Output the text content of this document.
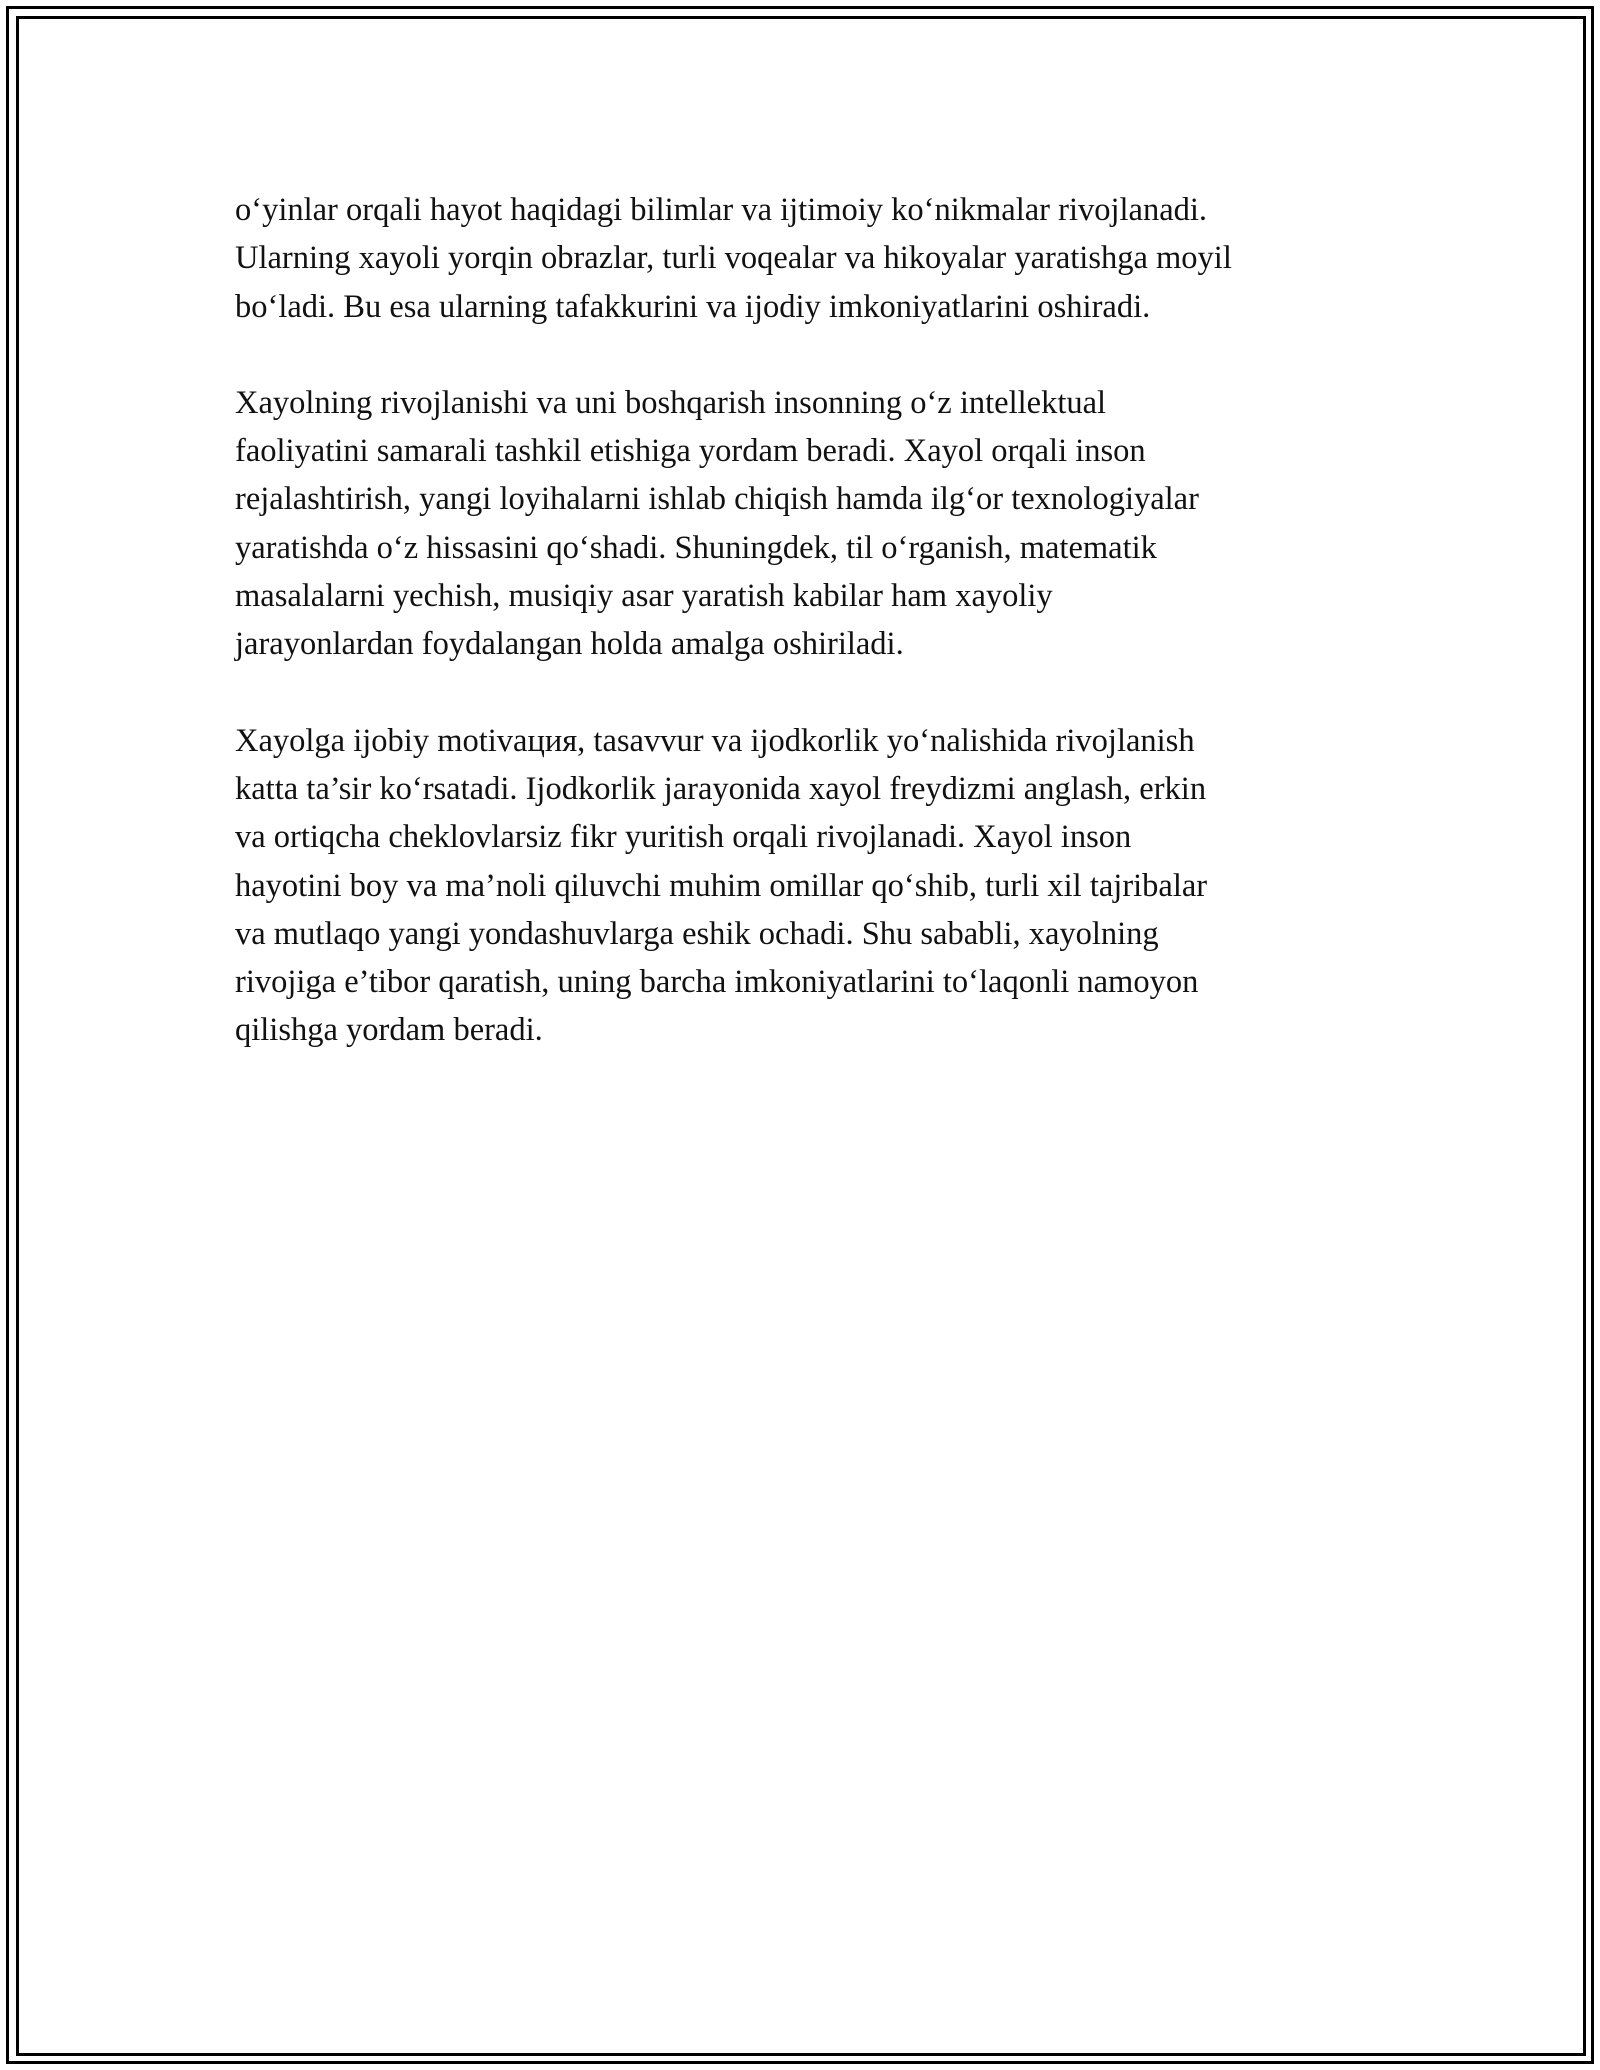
o‘yinlar orqali hayot haqidagi bilimlar va ijtimoiy ko‘nikmalar rivojlanadi.
Ularning xayoli yorqin obrazlar, turli voqealar va hikoyalar yaratishga moyil
bo‘ladi. Bu esa ularning tafakkurini va ijodiy imkoniyatlarini oshiradi.

Xayolning rivojlanishi va uni boshqarish insonning o‘z intellektual
faoliyatini samarali tashkil etishiga yordam beradi. Xayol orqali inson
rejalashtirish, yangi loyihalarni ishlab chiqish hamda ilg‘or texnologiyalar
yaratishda o‘z hissasini qo‘shadi. Shuningdek, til o‘rganish, matematik
masalalarni yechish, musiqiy asar yaratish kabilar ham xayoliy
jarayonlardan foydalangan holda amalga oshiriladi.

Xayolga ijobiy motivaция, tasavvur va ijodkorlik yo‘nalishida rivojlanish
katta ta’sir ko‘rsatadi. Ijodkorlik jarayonida xayol freydizmi anglash, erkin
va ortiqcha cheklovlarsiz fikr yuritish orqali rivojlanadi. Xayol inson
hayotini boy va ma’noli qiluvchi muhim omillar qo‘shib, turli xil tajribalar
va mutlaqo yangi yondashuvlarga eshik ochadi. Shu sababli, xayolning
rivojiga e’tibor qaratish, uning barcha imkoniyatlarini to‘laqonli namoyon
qilishga yordam beradi.
